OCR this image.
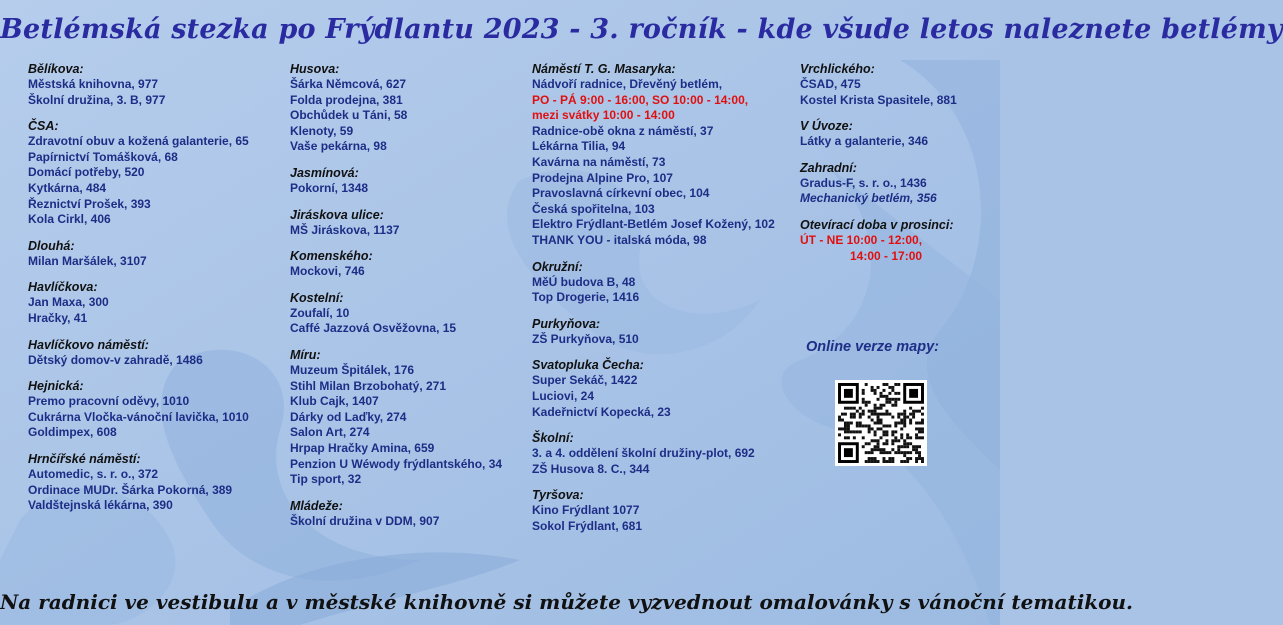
Betlémská stezka po Frýdlantu 2023 - 3. ročník - kde všude letos naleznete betlémy
Bělíkova:
Městská knihovna, 977
Školní družina, 3. B, 977
ČSA:
Zdravotní obuv a kožená galanterie, 65
Papírnictví Tomášková, 68
Domácí potřeby, 520
Kytkárna, 484
Řeznictví Prošek, 393
Kola Cirkl, 406
Dlouhá:
Milan Maršálek, 3107
Havlíčkova:
Jan Maxa, 300
Hračky, 41
Havlíčkovo náměstí:
Dětský domov-v zahradě, 1486
Hejnická:
Premo pracovní oděvy, 1010
Cukrárna Vločka-vánoční lavička, 1010
Goldimpex, 608
Hrnčířské náměstí:
Automedic, s. r. o., 372
Ordinace MUDr. Šárka Pokorná, 389
Valdštejnská lékárna, 390
Husova:
Šárka Němcová, 627
Folda prodejna, 381
Obchůdek u Táni, 58
Klenoty, 59
Vaše pekárna, 98
Jasmínová:
Pokorní, 1348
Jiráskova ulice:
MŠ Jiráskova, 1137
Komenského:
Mockovi, 746
Kostelní:
Zoufalí, 10
Caffé Jazzová Osvěžovna, 15
Míru:
Muzeum Špitálek, 176
Stihl Milan Brzobohatý, 271
Klub Cajk, 1407
Dárky od Laďky, 274
Salon Art, 274
Hrpap Hračky Amina, 659
Penzion U Wéwody frýdlantského, 34
Tip sport, 32
Mládeže:
Školní družina v DDM, 907
Náměstí T. G. Masaryka:
Nádvoří radnice, Dřevěný betlém,
PO - PÁ 9:00 - 16:00, SO 10:00 - 14:00,
mezi svátky 10:00 - 14:00
Radnice-obě okna z náměstí, 37
Lékárna Tilia, 94
Kavárna na náměstí, 73
Prodejna Alpine Pro, 107
Pravoslavná církevní obec, 104
Česká spořitelna, 103
Elektro Frýdlant-Betlém Josef Kožený, 102
THANK YOU - italská móda, 98
Okružní:
MěÚ budova B, 48
Top Drogerie, 1416
Purkyňova:
ZŠ Purkyňova, 510
Svatopluka Čecha:
Super Sekáč, 1422
Luciovi, 24
Kadeřnictví Kopecká, 23
Školní:
3. a 4. oddělení školní družiny-plot, 692
ZŠ Husova 8. C., 344
Tyršova:
Kino Frýdlant 1077
Sokol Frýdlant, 681
Vrchlického:
ČSAD, 475
Kostel Krista Spasitele, 881
V Úvoze:
Látky a galanterie, 346
Zahradní:
Gradus-F, s. r. o., 1436
Mechanický betlém, 356
Otevírací doba v prosinci:
ÚT - NE 10:00 - 12:00,
14:00 - 17:00
Online verze mapy:
Na radnici ve vestibulu a v městské knihovně si můžete vyzvednout omalovánky s vánoční tematikou.
